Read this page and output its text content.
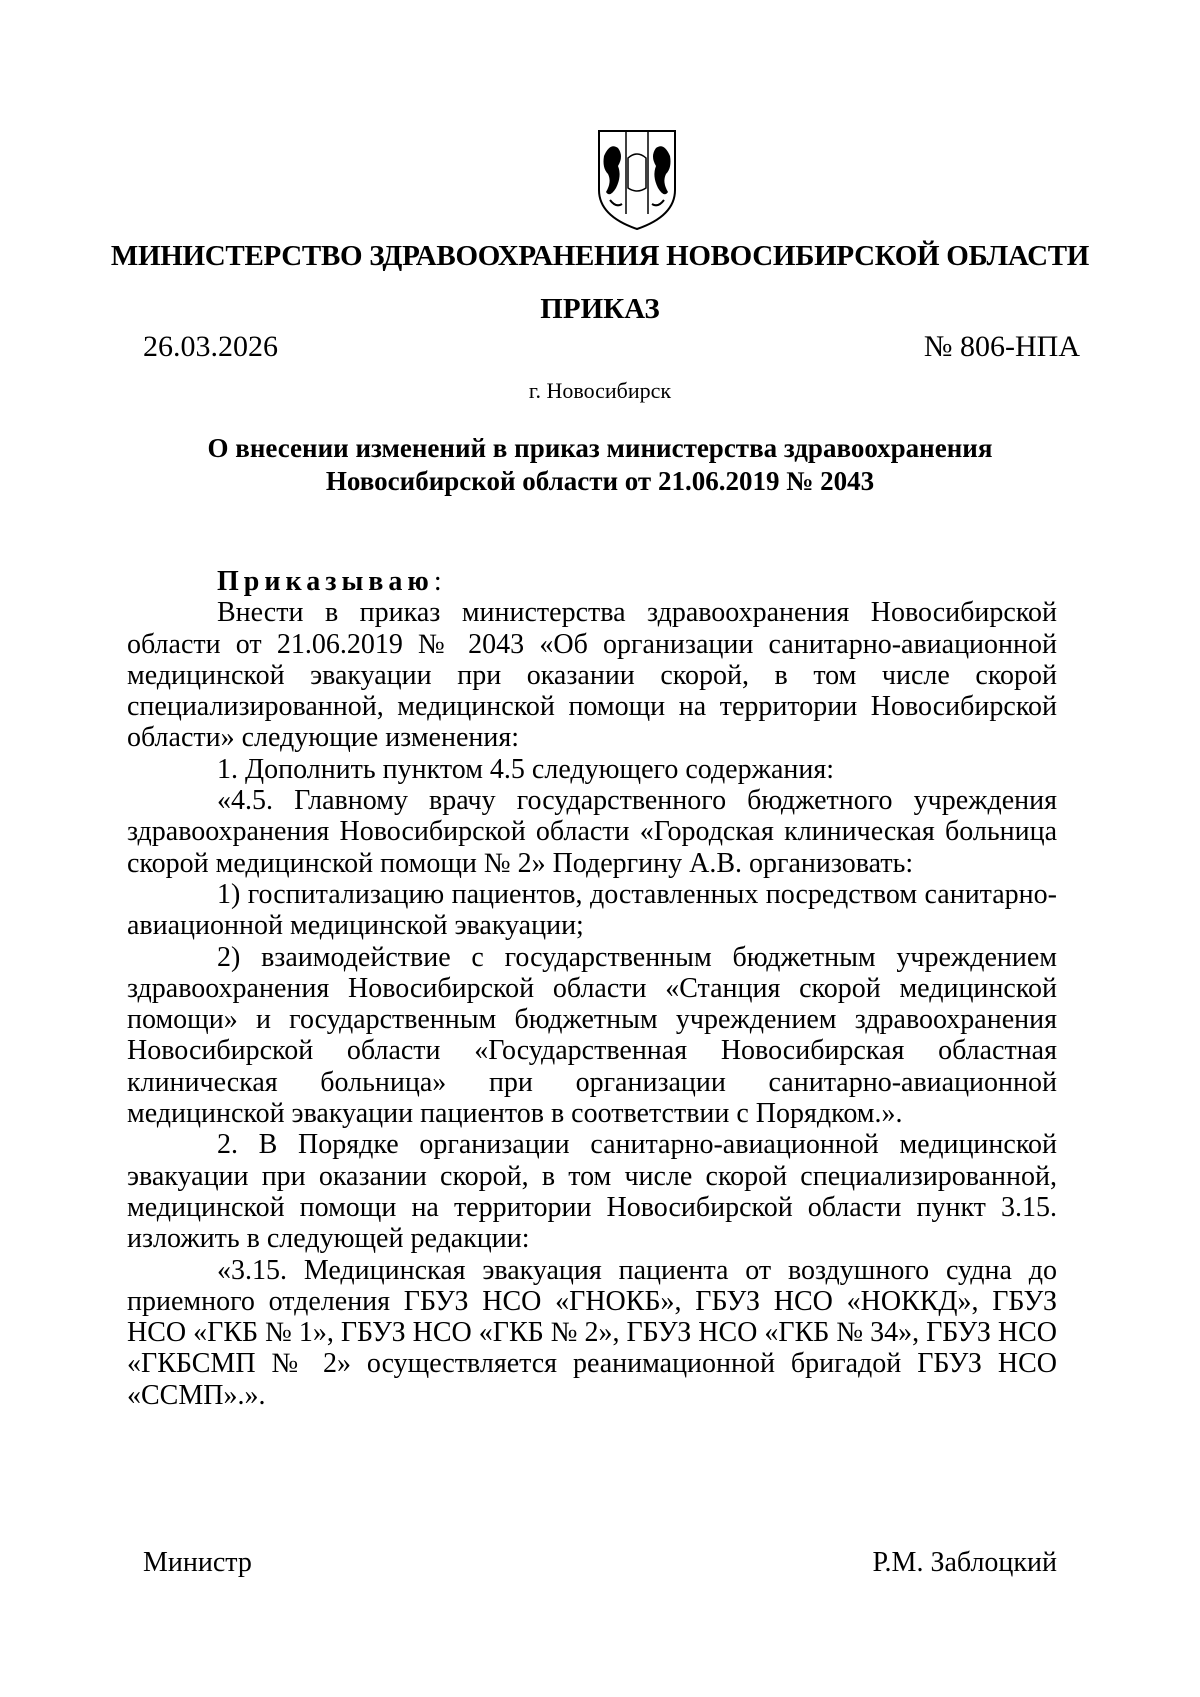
МИНИСТЕРСТВО ЗДРАВООХРАНЕНИЯ НОВОСИБИРСКОЙ ОБЛАСТИ
ПРИКАЗ
26.03.2026	№ 806-НПА
г. Новосибирск
О внесении изменений в приказ министерства здравоохранения
Новосибирской области от 21.06.2019 № 2043

Приказываю:

Внести в приказ министерства здравоохранения Новосибирской области от 21.06.2019 № 2043 «Об организации санитарно-авиационной медицинской эвакуации при оказании скорой, в том числе скорой специализированной, медицинской помощи на территории Новосибирской области» следующие изменения:

1. Дополнить пунктом 4.5 следующего содержания:

«4.5. Главному врачу государственного бюджетного учреждения здравоохранения Новосибирской области «Городская клиническая больница скорой медицинской помощи № 2» Подергину А.В. организовать:

1) госпитализацию пациентов, доставленных посредством санитарно-авиационной медицинской эвакуации;

2) взаимодействие с государственным бюджетным учреждением здравоохранения Новосибирской области «Станция скорой медицинской помощи» и государственным бюджетным учреждением здравоохранения Новосибирской области «Государственная Новосибирская областная клиническая больница» при организации санитарно-авиационной медицинской эвакуации пациентов в соответствии с Порядком.».

2. В Порядке организации санитарно-авиационной медицинской эвакуации при оказании скорой, в том числе скорой специализированной, медицинской помощи на территории Новосибирской области пункт 3.15. изложить в следующей редакции:

«3.15. Медицинская эвакуация пациента от воздушного судна до приемного отделения ГБУЗ НСО «ГНОКБ», ГБУЗ НСО «НОККД», ГБУЗ НСО «ГКБ № 1», ГБУЗ НСО «ГКБ № 2», ГБУЗ НСО «ГКБ № 34», ГБУЗ НСО «ГКБСМП № 2» осуществляется реанимационной бригадой ГБУЗ НСО «ССМП».».

Министр	Р.М. Заблоцкий
